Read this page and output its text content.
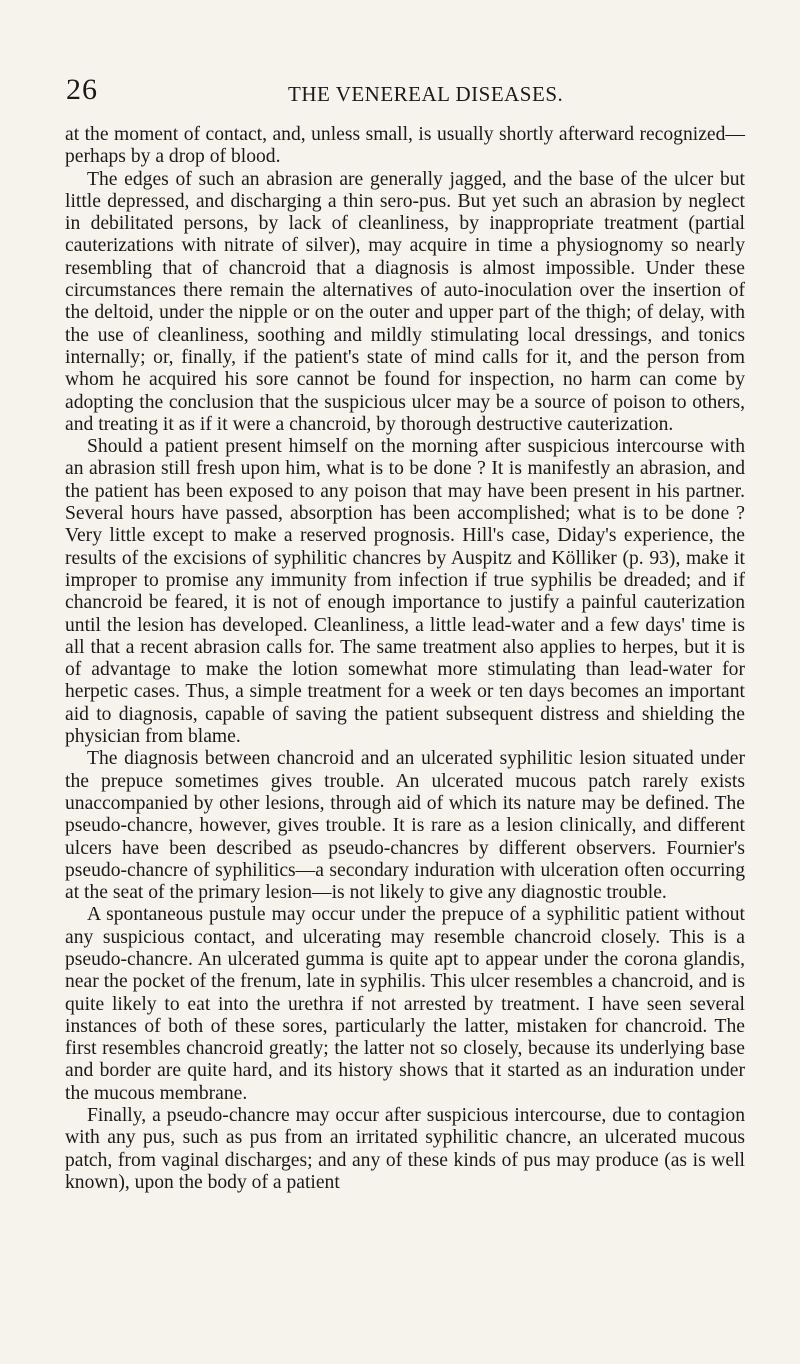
26	THE VENEREAL DISEASES.

at the moment of contact, and, unless small, is usually shortly afterward recognized—perhaps by a drop of blood.

The edges of such an abrasion are generally jagged, and the base of the ulcer but little depressed, and discharging a thin sero-pus. But yet such an abrasion by neglect in debilitated persons, by lack of cleanliness, by inappropriate treatment (partial cauterizations with nitrate of silver), may acquire in time a physiognomy so nearly resembling that of chancroid that a diagnosis is almost impossible. Under these circumstances there remain the alternatives of auto-inoculation over the insertion of the deltoid, under the nipple or on the outer and upper part of the thigh; of delay, with the use of cleanliness, soothing and mildly stimulating local dressings, and tonics internally; or, finally, if the patient's state of mind calls for it, and the person from whom he acquired his sore cannot be found for inspection, no harm can come by adopting the conclusion that the suspicious ulcer may be a source of poison to others, and treating it as if it were a chancroid, by thorough destructive cauterization.

Should a patient present himself on the morning after suspicious intercourse with an abrasion still fresh upon him, what is to be done ? It is manifestly an abrasion, and the patient has been exposed to any poison that may have been present in his partner. Several hours have passed, absorption has been accomplished; what is to be done ? Very little except to make a reserved prognosis. Hill's case, Diday's experience, the results of the excisions of syphilitic chancres by Auspitz and Kölliker (p. 93), make it improper to promise any immunity from infection if true syphilis be dreaded; and if chancroid be feared, it is not of enough importance to justify a painful cauterization until the lesion has developed. Cleanliness, a little lead-water and a few days' time is all that a recent abrasion calls for. The same treatment also applies to herpes, but it is of advantage to make the lotion somewhat more stimulating than lead-water for herpetic cases. Thus, a simple treatment for a week or ten days becomes an important aid to diagnosis, capable of saving the patient subsequent distress and shielding the physician from blame.

The diagnosis between chancroid and an ulcerated syphilitic lesion situated under the prepuce sometimes gives trouble. An ulcerated mucous patch rarely exists unaccompanied by other lesions, through aid of which its nature may be defined. The pseudo-chancre, however, gives trouble. It is rare as a lesion clinically, and different ulcers have been described as pseudo-chancres by different observers. Fournier's pseudo-chancre of syphilitics—a secondary induration with ulceration often occurring at the seat of the primary lesion—is not likely to give any diagnostic trouble.

A spontaneous pustule may occur under the prepuce of a syphilitic patient without any suspicious contact, and ulcerating may resemble chancroid closely. This is a pseudo-chancre. An ulcerated gumma is quite apt to appear under the corona glandis, near the pocket of the frenum, late in syphilis. This ulcer resembles a chancroid, and is quite likely to eat into the urethra if not arrested by treatment. I have seen several instances of both of these sores, particularly the latter, mistaken for chancroid. The first resembles chancroid greatly; the latter not so closely, because its underlying base and border are quite hard, and its history shows that it started as an induration under the mucous membrane.

Finally, a pseudo-chancre may occur after suspicious intercourse, due to contagion with any pus, such as pus from an irritated syphilitic chancre, an ulcerated mucous patch, from vaginal discharges; and any of these kinds of pus may produce (as is well known), upon the body of a patient
